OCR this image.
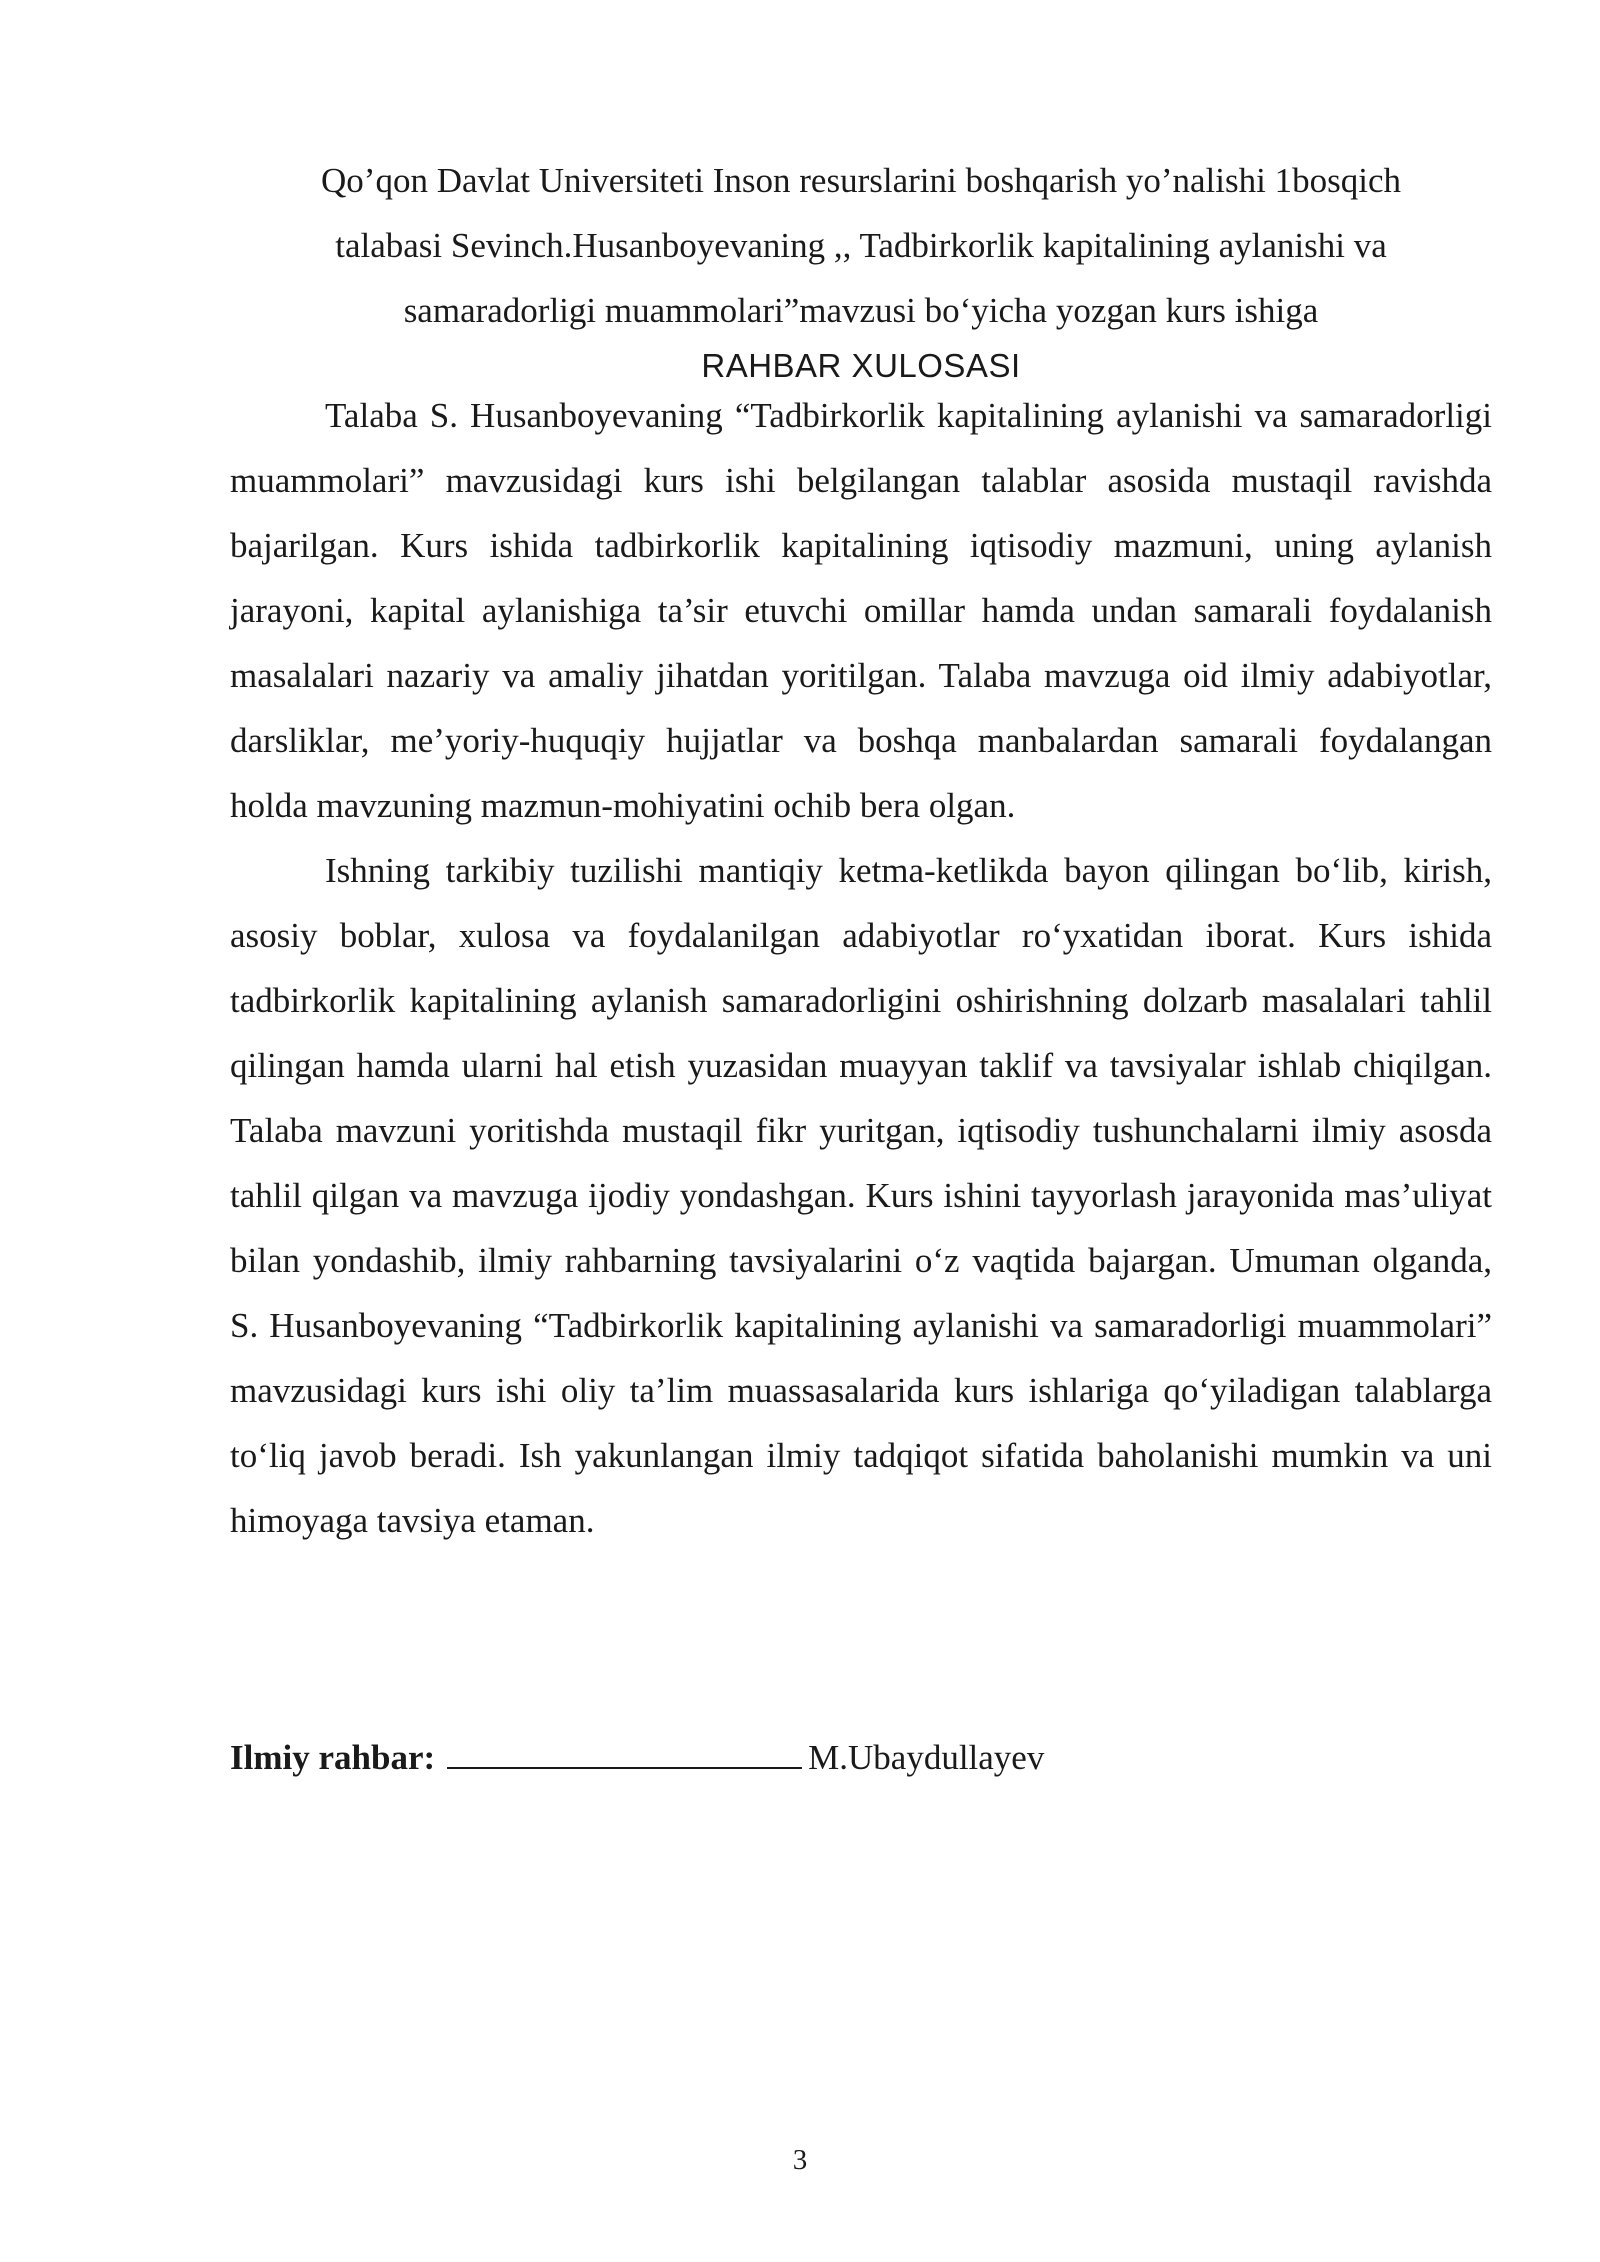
Qo’qon Davlat Universiteti Inson resurslarini boshqarish yo’nalishi 1bosqich
talabasi Sevinch.Husanboyevaning ,, Tadbirkorlik kapitalining aylanishi va
samaradorligi muammolari”mavzusi bo‘yicha yozgan kurs ishiga
RAHBAR XULOSASI

Talaba S. Husanboyevaning “Tadbirkorlik kapitalining aylanishi va samaradorligi muammolari” mavzusidagi kurs ishi belgilangan talablar asosida mustaqil ravishda bajarilgan. Kurs ishida tadbirkorlik kapitalining iqtisodiy mazmuni, uning aylanish jarayoni, kapital aylanishiga ta’sir etuvchi omillar hamda undan samarali foydalanish masalalari nazariy va amaliy jihatdan yoritilgan. Talaba mavzuga oid ilmiy adabiyotlar, darsliklar, me’yoriy-huquqiy hujjatlar va boshqa manbalardan samarali foydalangan holda mavzuning mazmun-mohiyatini ochib bera olgan.

Ishning tarkibiy tuzilishi mantiqiy ketma-ketlikda bayon qilingan bo‘lib, kirish, asosiy boblar, xulosa va foydalanilgan adabiyotlar ro‘yxatidan iborat. Kurs ishida tadbirkorlik kapitalining aylanish samaradorligini oshirishning dolzarb masalalari tahlil qilingan hamda ularni hal etish yuzasidan muayyan taklif va tavsiyalar ishlab chiqilgan. Talaba mavzuni yoritishda mustaqil fikr yuritgan, iqtisodiy tushunchalarni ilmiy asosda tahlil qilgan va mavzuga ijodiy yondashgan. Kurs ishini tayyorlash jarayonida mas’uliyat bilan yondashib, ilmiy rahbarning tavsiyalarini o‘z vaqtida bajargan. Umuman olganda, S. Husanboyevaning “Tadbirkorlik kapitalining aylanishi va samaradorligi muammolari” mavzusidagi kurs ishi oliy ta’lim muassasalarida kurs ishlariga qo‘yiladigan talablarga to‘liq javob beradi. Ish yakunlangan ilmiy tadqiqot sifatida baholanishi mumkin va uni himoyaga tavsiya etaman.

Ilmiy rahbar:	M.Ubaydullayev
3
